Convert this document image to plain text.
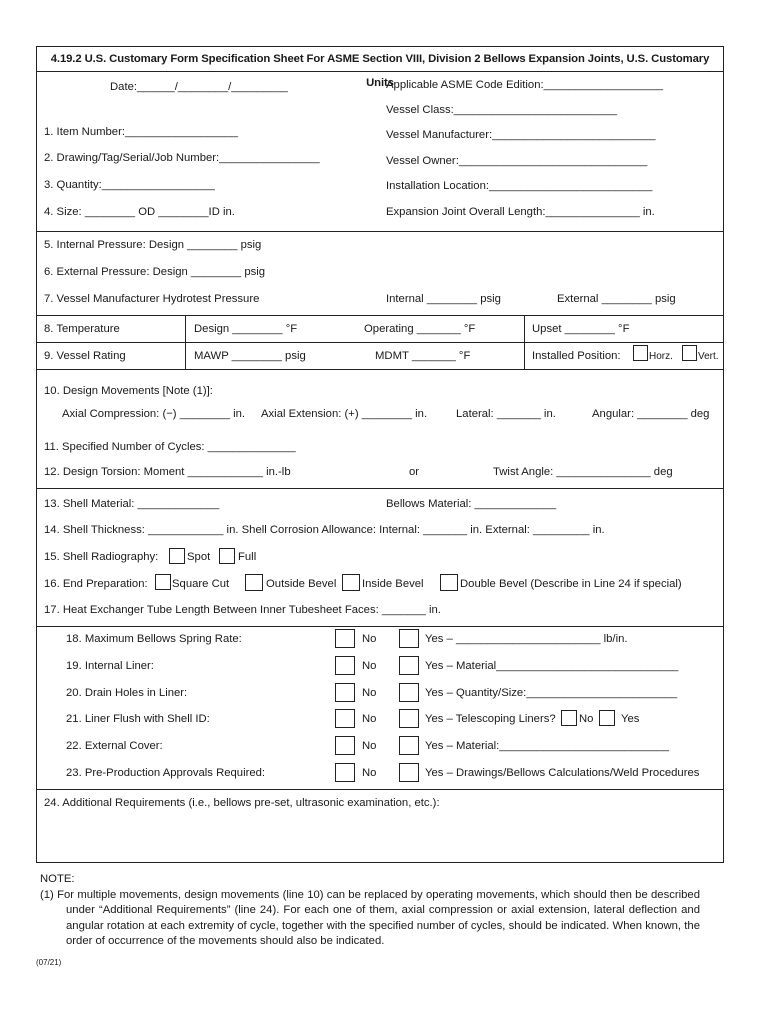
4.19.2 U.S. Customary Form Specification Sheet For ASME Section VIII, Division 2 Bellows Expansion Joints, U.S. Customary Units
Date:______/________/_________	Applicable ASME Code Edition:___________________
Vessel Class:__________________________
1. Item Number:__________________	Vessel Manufacturer:__________________________
2. Drawing/Tag/Serial/Job Number:________________	Vessel Owner:______________________________
3. Quantity:__________________	Installation Location:__________________________
4. Size: ________ OD ________ID in.	Expansion Joint Overall Length:_______________ in.
5. Internal Pressure: Design ________ psig
6. External Pressure: Design ________ psig
7. Vessel Manufacturer Hydrotest Pressure	Internal ________ psig	External ________ psig
8. Temperature	Design ________ °F	Operating _______ °F	Upset ________ °F
9. Vessel Rating	MAWP ________ psig	MDMT _______ °F	Installed Position:	Horz.	Vert.
10. Design Movements [Note (1)]:
Axial Compression: (−) ________ in. Axial Extension: (+) ________ in.	Lateral: _______ in.	Angular: ________ deg
11. Specified Number of Cycles: ______________
12. Design Torsion: Moment ____________ in.-lb	or	Twist Angle: _______________ deg
13. Shell Material: _____________	Bellows Material: _____________
14. Shell Thickness: ____________ in. Shell Corrosion Allowance: Internal: _______ in. External: _________ in.
15. Shell Radiography:	Spot Full
16. End Preparation: Square Cut	Outside Bevel Inside Bevel	Double Bevel (Describe in Line 24 if special)
17. Heat Exchanger Tube Length Between Inner Tubesheet Faces: _______ in.
18. Maximum Bellows Spring Rate:	No	Yes – _______________________ lb/in.
19. Internal Liner:	No	Yes – Material_____________________________
20. Drain Holes in Liner:	No	Yes – Quantity/Size:________________________
21. Liner Flush with Shell ID:	No	Yes – Telescoping Liners? No Yes
22. External Cover:	No	Yes – Material:___________________________
23. Pre-Production Approvals Required:	No	Yes – Drawings/Bellows Calculations/Weld Procedures
24. Additional Requirements (i.e., bellows pre-set, ultrasonic examination, etc.):

NOTE:

(1) For multiple movements, design movements (line 10) can be replaced by operating movements, which should then be described under “Additional Requirements” (line 24). For each one of them, axial compression or axial extension, lateral deflection and angular rotation at each extremity of cycle, together with the specified number of cycles, should be indicated. When known, the order of occurrence of the movements should also be indicated.

(07/21)
